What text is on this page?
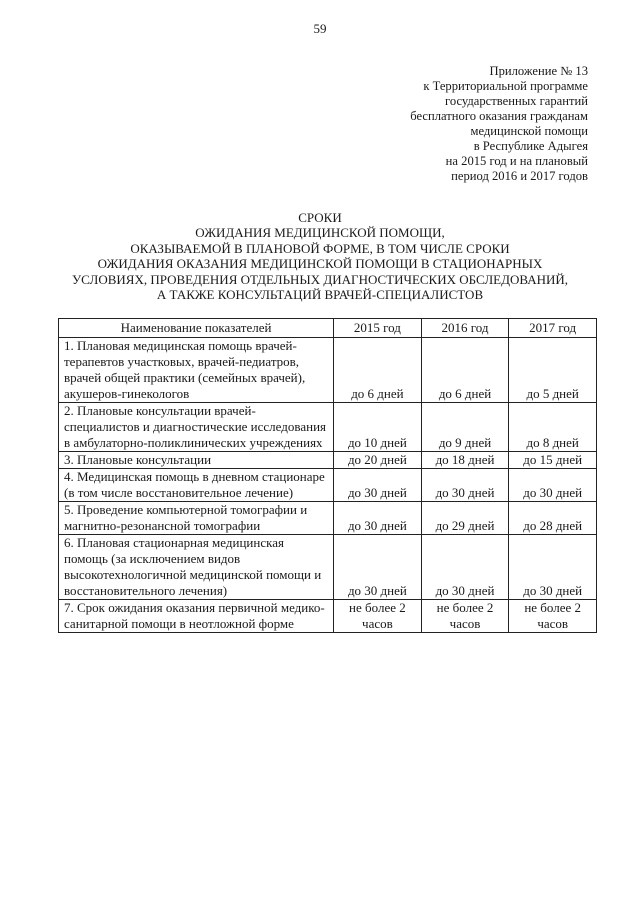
59
Приложение № 13
к Территориальной программе
государственных гарантий
бесплатного оказания гражданам
медицинской помощи
в Республике Адыгея
на 2015 год и на плановый
период 2016 и 2017 годов
СРОКИ
ОЖИДАНИЯ МЕДИЦИНСКОЙ ПОМОЩИ,
ОКАЗЫВАЕМОЙ В ПЛАНОВОЙ ФОРМЕ, В ТОМ ЧИСЛЕ СРОКИ
ОЖИДАНИЯ ОКАЗАНИЯ МЕДИЦИНСКОЙ ПОМОЩИ В СТАЦИОНАРНЫХ
УСЛОВИЯХ, ПРОВЕДЕНИЯ ОТДЕЛЬНЫХ ДИАГНОСТИЧЕСКИХ ОБСЛЕДОВАНИЙ,
А ТАКЖЕ КОНСУЛЬТАЦИЙ ВРАЧЕЙ-СПЕЦИАЛИСТОВ
Наименование показателей	2015 год	2016 год	2017 год
1. Плановая медицинская помощь врачей-терапевтов участковых, врачей-педиатров, врачей общей практики (семейных врачей), акушеров-гинекологов	до 6 дней	до 6 дней	до 5 дней
2. Плановые консультации врачей-специалистов и диагностические исследования в амбулаторно-поликлинических учреждениях	до 10 дней	до 9 дней	до 8 дней
3. Плановые консультации	до 20 дней	до 18 дней	до 15 дней
4. Медицинская помощь в дневном стационаре (в том числе восстановительное лечение)	до 30 дней	до 30 дней	до 30 дней
5. Проведение компьютерной томографии и магнитно-резонансной томографии	до 30 дней	до 29 дней	до 28 дней
6. Плановая стационарная медицинская помощь (за исключением видов высокотехнологичной медицинской помощи и восстановительного лечения)	до 30 дней	до 30 дней	до 30 дней
7. Срок ожидания оказания первичной медико-санитарной помощи в неотложной форме	не более 2 часов	не более 2 часов	не более 2 часов
